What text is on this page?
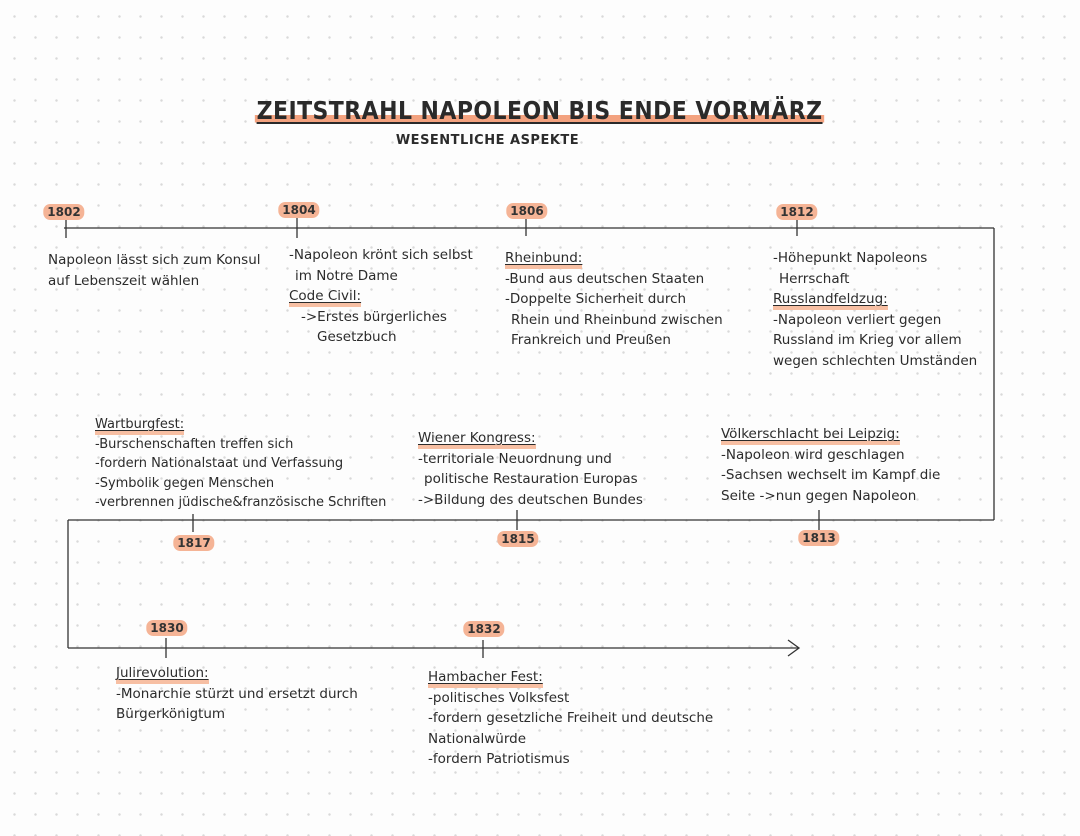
ZEITSTRAHL NAPOLEON BIS ENDE VORMÄRZ
WESENTLICHE ASPEKTE
1802	1804	1806	1812
1813
1815
1817
1830	1832
Napoleon lässt sich zum Konsul
auf Lebenszeit wählen
-Napoleon krönt sich selbst
im Notre Dame
Code Civil:
->Erstes bürgerliches
Gesetzbuch
Rheinbund:
-Bund aus deutschen Staaten
-Doppelte Sicherheit durch
Rhein und Rheinbund zwischen
Frankreich und Preußen
-Höhepunkt Napoleons
Herrschaft
Russlandfeldzug:
-Napoleon verliert gegen
Russland im Krieg vor allem
wegen schlechten Umständen
Wartburgfest:
-Burschenschaften treffen sich
-fordern Nationalstaat und Verfassung
-Symbolik gegen Menschen
-verbrennen jüdische&französische Schriften
Wiener Kongress:
-territoriale Neuordnung und
politische Restauration Europas
->Bildung des deutschen Bundes
Völkerschlacht bei Leipzig:
-Napoleon wird geschlagen
-Sachsen wechselt im Kampf die
Seite ->nun gegen Napoleon
Julirevolution:
-Monarchie stürzt und ersetzt durch
Bürgerkönigtum
Hambacher Fest:
-politisches Volksfest
-fordern gesetzliche Freiheit und deutsche
Nationalwürde
-fordern Patriotismus
